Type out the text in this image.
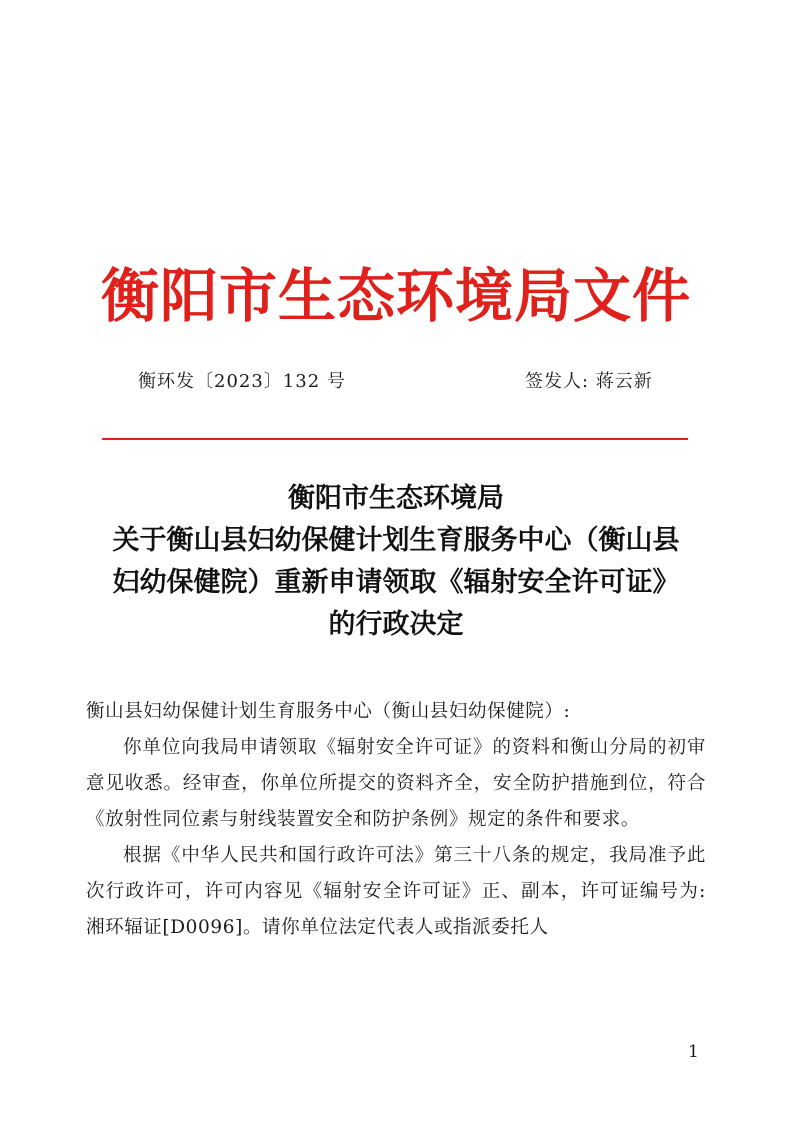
衡阳市生态环境局文件
衡环发〔2023〕132 号	签发人: 蒋云新
衡阳市生态环境局
关于衡山县妇幼保健计划生育服务中心（衡山县
妇幼保健院）重新申请领取《辐射安全许可证》
的行政决定

衡山县妇幼保健计划生育服务中心（衡山县妇幼保健院）:

你单位向我局申请领取《辐射安全许可证》的资料和衡山分局的初审意见收悉。经审查，你单位所提交的资料齐全，安全防护措施到位，符合《放射性同位素与射线装置安全和防护条例》规定的条件和要求。

根据《中华人民共和国行政许可法》第三十八条的规定，我局准予此次行政许可，许可内容见《辐射安全许可证》正、副本，许可证编号为: 湘环辐证[D0096]。请你单位法定代表人或指派委托人

1
